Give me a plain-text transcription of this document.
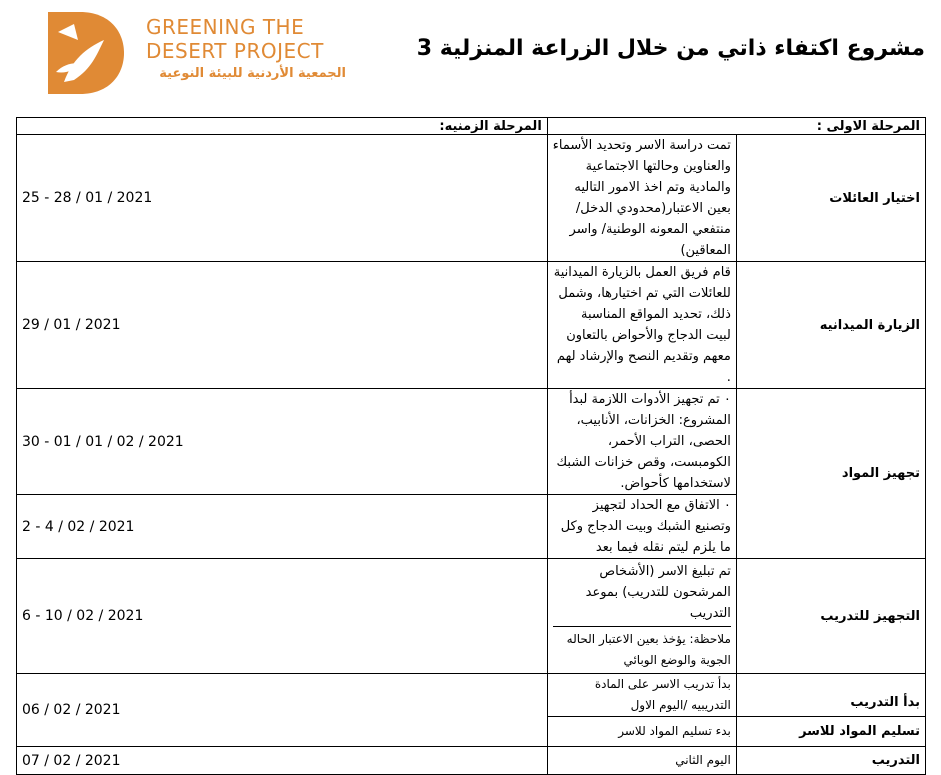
GREENING THE
DESERT PROJECT
الجمعية الأردنية للبيئة النوعية
مشروع اكتفاء ذاتي من خلال الزراعة المنزلية 3
المرحلة الاولى :		المرحلة الزمنيه:
اختيار العائلات	تمت دراسة الاسر وتحديد الأسماء والعناوين وحالتها الاجتماعية والمادية وتم اخذ الامور التاليه بعين الاعتبار(محدودي الدخل/منتفعي المعونه الوطنية/ واسر المعاقين)	25 - 28 / 01 / 2021
الزيارة الميدانيه	قام فريق العمل بالزيارة الميدانية للعائلات التي تم اختيارها، وشمل ذلك، تحديد المواقع المناسبة لبيت الدجاج والأحواض بالتعاون معهم وتقديم النصح والإرشاد لهم .	29 / 01 / 2021
تجهيز المواد	٠ تم تجهيز الأدوات اللازمة لبدأ المشروع: الخزانات، الأنابيب، الحصى، التراب الأحمر، الكومبست، وقص خزانات الشبك لاستخدامها كأحواض.	30 - 01 / 01 / 02 / 2021
	٠ الاتفاق مع الحداد لتجهيز وتصنيع الشبك وبيت الدجاج وكل ما يلزم ليتم نقله فيما بعد	2 - 4 / 02 / 2021
التجهيز للتدريب	تم تبليغ الاسر (الأشخاص المرشحون للتدريب) بموعد التدريب
ملاحظة: يؤخذ بعين الاعتبار الحاله الجوية والوضع الوبائي	6 - 10 / 02 / 2021
بدأ التدريب	بدأ تدريب الاسر على المادة التدريبيه /اليوم الاول	06 / 02 / 2021
تسليم المواد للاسر	بدء تسليم المواد للاسر	
التدريب	اليوم الثاني	07 / 02 / 2021
